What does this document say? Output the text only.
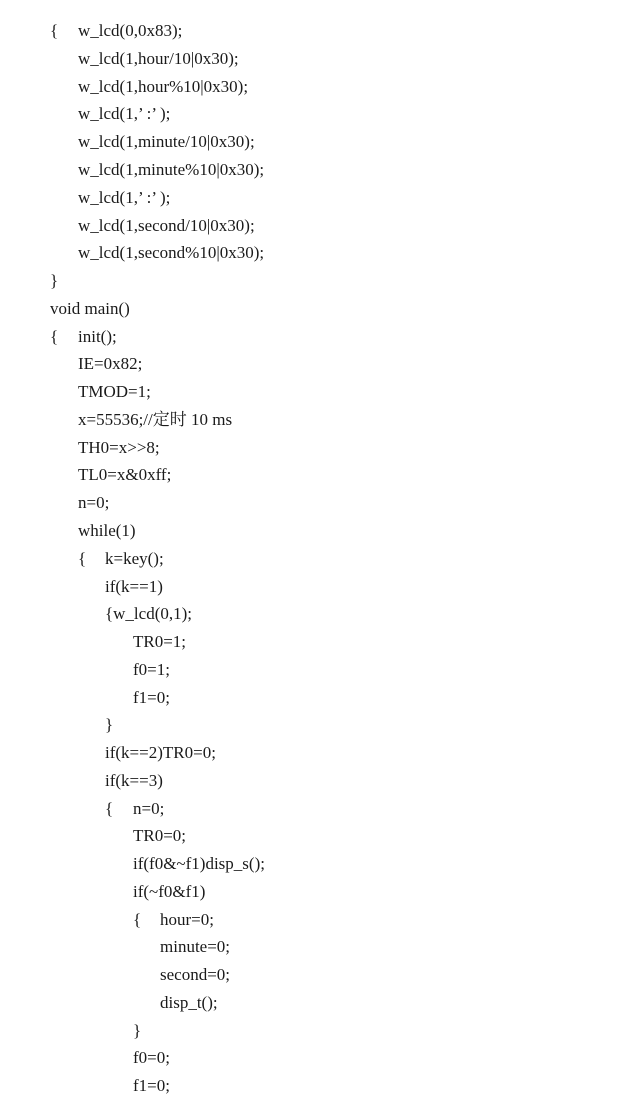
{ w_lcd(0,0x83);
w_lcd(1,hour/10|0x30);
w_lcd(1,hour%10|0x30);
w_lcd(1,’ :’ );
w_lcd(1,minute/10|0x30);
w_lcd(1,minute%10|0x30);
w_lcd(1,’ :’ );
w_lcd(1,second/10|0x30);
w_lcd(1,second%10|0x30);
}
void main()
{ init();
IE=0x82;
TMOD=1;
x=55536;//定时 10 ms
TH0=x>>8;
TL0=x&0xff;
n=0;
while(1)
{ k=key();
if(k==1)
{w_lcd(0,1);
TR0=1;
f0=1;
f1=0;
}
if(k==2)TR0=0;
if(k==3)
{ n=0;
TR0=0;
if(f0&~f1)disp_s();
if(~f0&f1)
{ hour=0;
minute=0;
second=0;
disp_t();
}
f0=0;
f1=0;
